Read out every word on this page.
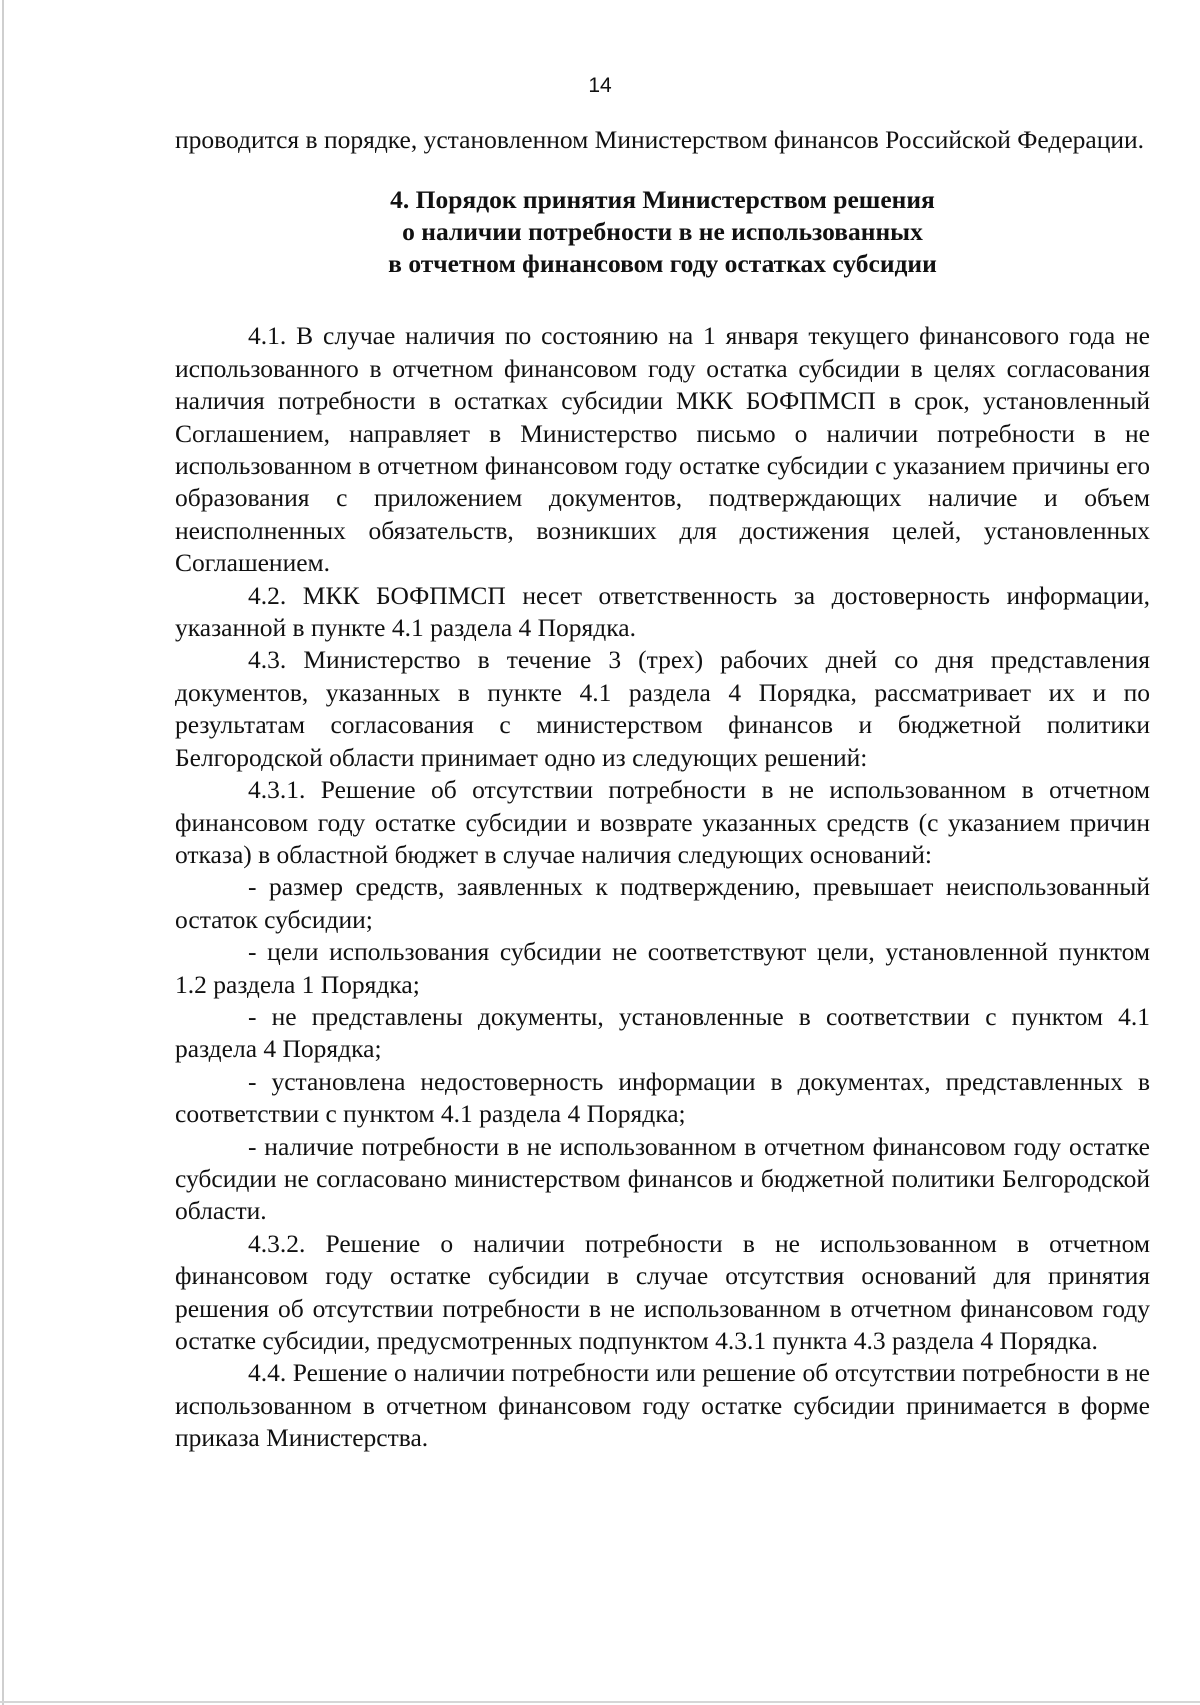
14

проводится в порядке, установленном Министерством финансов Российской Федерации.

4. Порядок принятия Министерством решения
о наличии потребности в не использованных
в отчетном финансовом году остатках субсидии

4.1. В случае наличия по состоянию на 1 января текущего финансового года не использованного в отчетном финансовом году остатка субсидии в целях согласования наличия потребности в остатках субсидии МКК БОФПМСП в срок, установленный Соглашением, направляет в Министерство письмо о наличии потребности в не использованном в отчетном финансовом году остатке субсидии с указанием причины его образования с приложением документов, подтверждающих наличие и объем неисполненных обязательств, возникших для достижения целей, установленных Соглашением.

4.2. МКК БОФПМСП несет ответственность за достоверность информации, указанной в пункте 4.1 раздела 4 Порядка.

4.3. Министерство в течение 3 (трех) рабочих дней со дня представления документов, указанных в пункте 4.1 раздела 4 Порядка, рассматривает их и по результатам согласования с министерством финансов и бюджетной политики Белгородской области принимает одно из следующих решений:

4.3.1. Решение об отсутствии потребности в не использованном в отчетном финансовом году остатке субсидии и возврате указанных средств (с указанием причин отказа) в областной бюджет в случае наличия следующих оснований:

- размер средств, заявленных к подтверждению, превышает неиспользованный остаток субсидии;

- цели использования субсидии не соответствуют цели, установленной пунктом 1.2 раздела 1 Порядка;

- не представлены документы, установленные в соответствии с пунктом 4.1 раздела 4 Порядка;

- установлена недостоверность информации в документах, представленных в соответствии с пунктом 4.1 раздела 4 Порядка;

- наличие потребности в не использованном в отчетном финансовом году остатке субсидии не согласовано министерством финансов и бюджетной политики Белгородской области.

4.3.2. Решение о наличии потребности в не использованном в отчетном финансовом году остатке субсидии в случае отсутствия оснований для принятия решения об отсутствии потребности в не использованном в отчетном финансовом году остатке субсидии, предусмотренных подпунктом 4.3.1 пункта 4.3 раздела 4 Порядка.

4.4. Решение о наличии потребности или решение об отсутствии потребности в не использованном в отчетном финансовом году остатке субсидии принимается в форме приказа Министерства.
